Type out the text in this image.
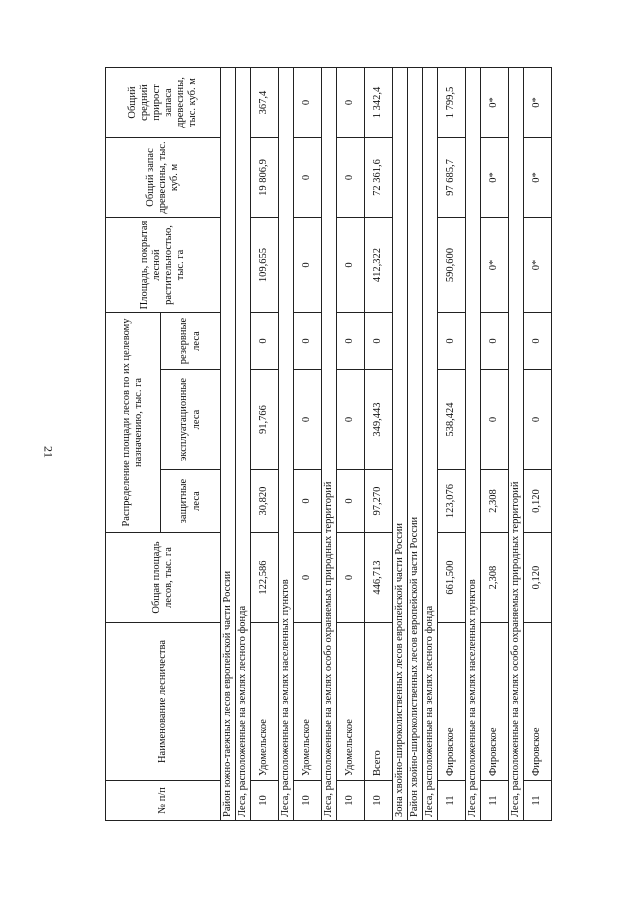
21
№ п/п	Наименование лесничества	Общая площадь лесов, тыс. га	Распределение площади лесов по их целевому назначению, тыс. га			Площадь, покрытая лесной растительностью, тыс. га	Общий запас древесины, тыс. куб. м	Общий средний прирост запаса древесины, тыс. куб. м
			защитные леса	эксплуатационные леса	резервные леса			
Район южно-таежных лесов европейской части России								
Леса, расположенные на землях лесного фонда								
10	Удомельское	122,586	30,820	91,766	0	109,655	19 806,9	367,4
Леса, расположенные на землях населенных пунктов								
10	Удомельское	0	0	0	0	0	0	0
Леса, расположенные на землях особо охраняемых природных территорий								
10	Удомельское	0	0	0	0	0	0	0
10	Всего	446,713	97,270	349,443	0	412,322	72 361,6	1 342,4
Зона хвойно-широколиственных лесов европейской части России								
Район хвойно-широколиственных лесов европейской части России								
Леса, расположенные на землях лесного фонда								
11	Фировское	661,500	123,076	538,424	0	590,600	97 685,7	1 799,5
Леса, расположенные на землях населенных пунктов								
11	Фировское	2,308	2,308	0	0	0*	0*	0*
Леса, расположенные на землях особо охраняемых природных территорий								
11	Фировское	0,120	0,120	0	0	0*	0*	0*
